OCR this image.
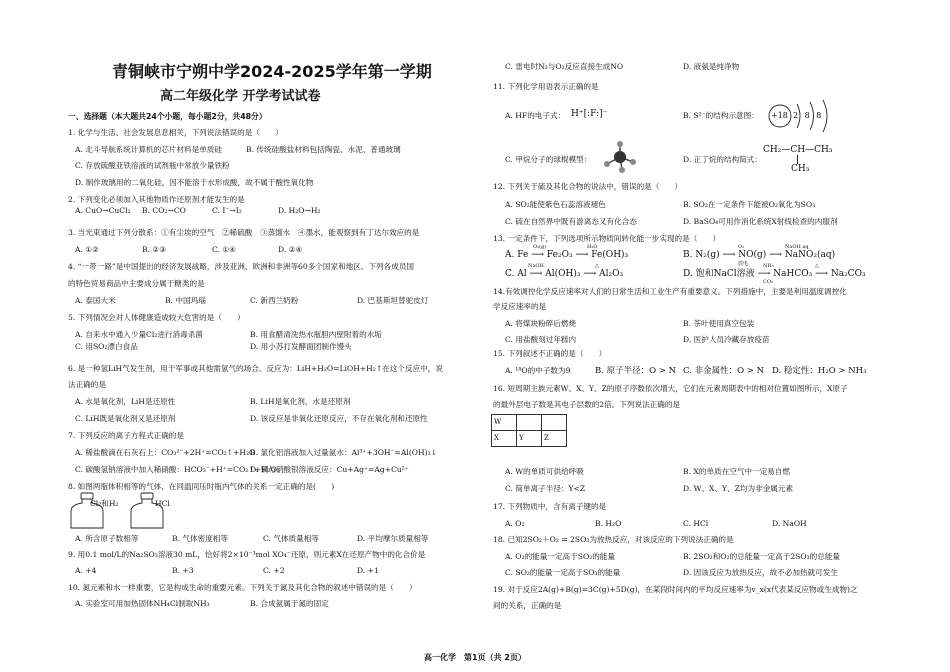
青铜峡市宁朔中学2024-2025学年第一学期
高二年级化学 开学考试试卷
一、选择题（本大题共24个小题，每小题2分，共48分）
1. 化学与生活、社会发展息息相关，下列说法错误的是（　　）
A. 北斗导航系统计算机的芯片材料是单质硅	B. 传统硅酸盐材料包括陶瓷、水泥、普通玻璃
C. 存放硫酸亚铁溶液的试剂瓶中常放少量铁粉
D. 制作玻璃用的二氧化硅，因不能溶于水形成酸，故不属于酸性氧化物
2. 下列变化必须加入其他物质作还原剂才能发生的是
A. CuO→CuCl₂ B. CO₂→CO	C. I⁻→I₂	D. H₂O→H₂
3. 当光束通过下列分散系：①有尘埃的空气　②稀硫酸　③蒸馏水　④墨水，能观察到有丁达尔效应的是
A. ①②	B. ②③	C. ①④	D. ②④
4. “一带一路”是中国提出的经济发展战略，涉及亚洲、欧洲和非洲等60多个国家和地区。下列各成员国
的特色贸易商品中主要成分属于糖类的是
A. 泰国大米	B. 中国玛瑙	C. 新西兰奶粉	D. 巴基斯坦替驼皮灯
5. 下列情况会对人体健康造成较大危害的是（　　）
A. 自来水中通入少量Cl₂进行消毒杀菌	B. 用食醋清洗热水瓶胆内壁附着的水垢
C. 用SO₂漂白食品	D. 用小苏打发酵面团制作馒头
6. 是一种氢LiH气发生剂，用于军事或其他需氢气的场合。反应为：LiH+H₂O=LiOH+H₂↑在这个反应中，说
法正确的是
A. 水是氧化剂，LiH是还原性	B. LiH是氧化剂，水是还原剂
C. LiH既是氧化剂又是还原剂	D. 该反应是非氧化还原反应，不存在氧化剂和还原性
7. 下列反应的离子方程式正确的是
A. 稀盐酸滴在石灰石上：CO₃²⁻+2H⁺=CO₂↑+H₂O
B. 氯化铝溶液加入过量氨水：Al³⁺+3OH⁻=Al(OH)₃↓
C. 碳酸氢钠溶液中加入稀硝酸：HCO₃⁻+H⁺=CO₂↑+H₂O
D. 铜与硝酸银溶液反应：Cu+Ag⁺=Ag+Cu²⁺
8. 如图两瓶体积相等的气体，在同温同压时瓶内气体的关系一定正确的是(　　)
Cl₂和H₂	HCl
A. 所含原子数相等	B. 气体密度相等	C. 气体质量相等	D. 平均摩尔质量相等
9. 用0.1 mol/L的Na₂SO₃溶液30 mL，恰好将2×10⁻³mol XO₄⁻还原，则元素X在还原产物中的化合价是
A. +4	B. +3	C. +2	D. +1
10. 氮元素和水一样重要，它是构成生命的重要元素。下列关于氮及其化合物的叙述中错误的是（　　）
A. 实验室可用加热固体NH₄Cl制取NH₃	B. 合成氨属于氮的固定
C. 雷电时N₂与O₂反应直接生成NO	D. 液氨是纯净物
11. 下列化学用语表示正确的是
A. HF的电子式： H⁺[:F:]⁻	B. S²⁻的结构示意图： +18 2 8 8
C. 甲烷分子的球棍模型：	D. 正丁烷的结构简式：
CH₂—CH—CH₃
CH₃
12. 下列关于硫及其化合物的说法中，错误的是（　　）
A. SO₂能使紫色石蕊溶液褪色	B. SO₂在一定条件下能被O₂氧化为SO₃
C. 硫在自然界中既有游离态又有化合态	D. BaSO₄可用作消化系统X射线检查的内服剂
13. 一定条件下，下列选项所示物质间转化能一步实现的是（　　）
O₂(g)	H₂O
A. Fe ⟶ Fe₂O₃ ⟶ Fe(OH)₃
O₂	NaOH aq
B. N₂(g) ⟶ NO(g) ⟶ NaNO₂(aq)
放电
NaOH	△
C. Al ⟶ Al(OH)₃ ⟶ Al₂O₃
NH₃	△
D. 饱和NaCl溶液 ⟶ NaHCO₃ ⟶ Na₂CO₃
CO₂
14.有效调控化学反应速率对人们的日常生活和工业生产有重要意义。下列措施中，主要是利用温度调控化
学反应速率的是
A. 将煤块粉碎后燃烧	B. 茶叶使用真空包装
C. 用盐酸刻过年糕内	D. 医护人员冷藏存放疫苗
15. 下列叙述不正确的是（　　）
A. ¹⁸O的中子数为9	B. 原子半径：O > N C. 非金属性：O > N D. 稳定性：H₂O > NH₃
16. 短周期主族元素W、X、Y、Z的原子序数依次增大，它们在元素周期表中的相对位置如图所示，X原子
的最外层电子数是其电子层数的2倍。下列说法正确的是
W		
X	Y	Z
A. W的单质可供给呼吸	B. X的单质在空气中一定易自燃
C. 简单离子半径：Y<Z	D. W、X、Y、Z均为非金属元素
17. 下列物质中，含有离子键的是
A. O₂	B. H₂O	C. HCl	D. NaOH
18. 已知2SO₂＋O₂ ⇌ 2SO₃为放热反应，对该反应的下列说法正确的是
A. O₂的能量一定高于SO₂的能量	B. 2SO₂和O₂的总能量一定高于2SO₃的总能量
C. SO₂的能量一定高于SO₃的能量	D. 因该反应为放热反应，故不必加热就可发生
19. 对于反应2A(g)+B(g)=3C(g)+5D(g)，在某段时间内的平均反应速率为v_x(x代表某反应物或生成物)之
间的关系，正确的是
高一化学　第1页（共 2页）
